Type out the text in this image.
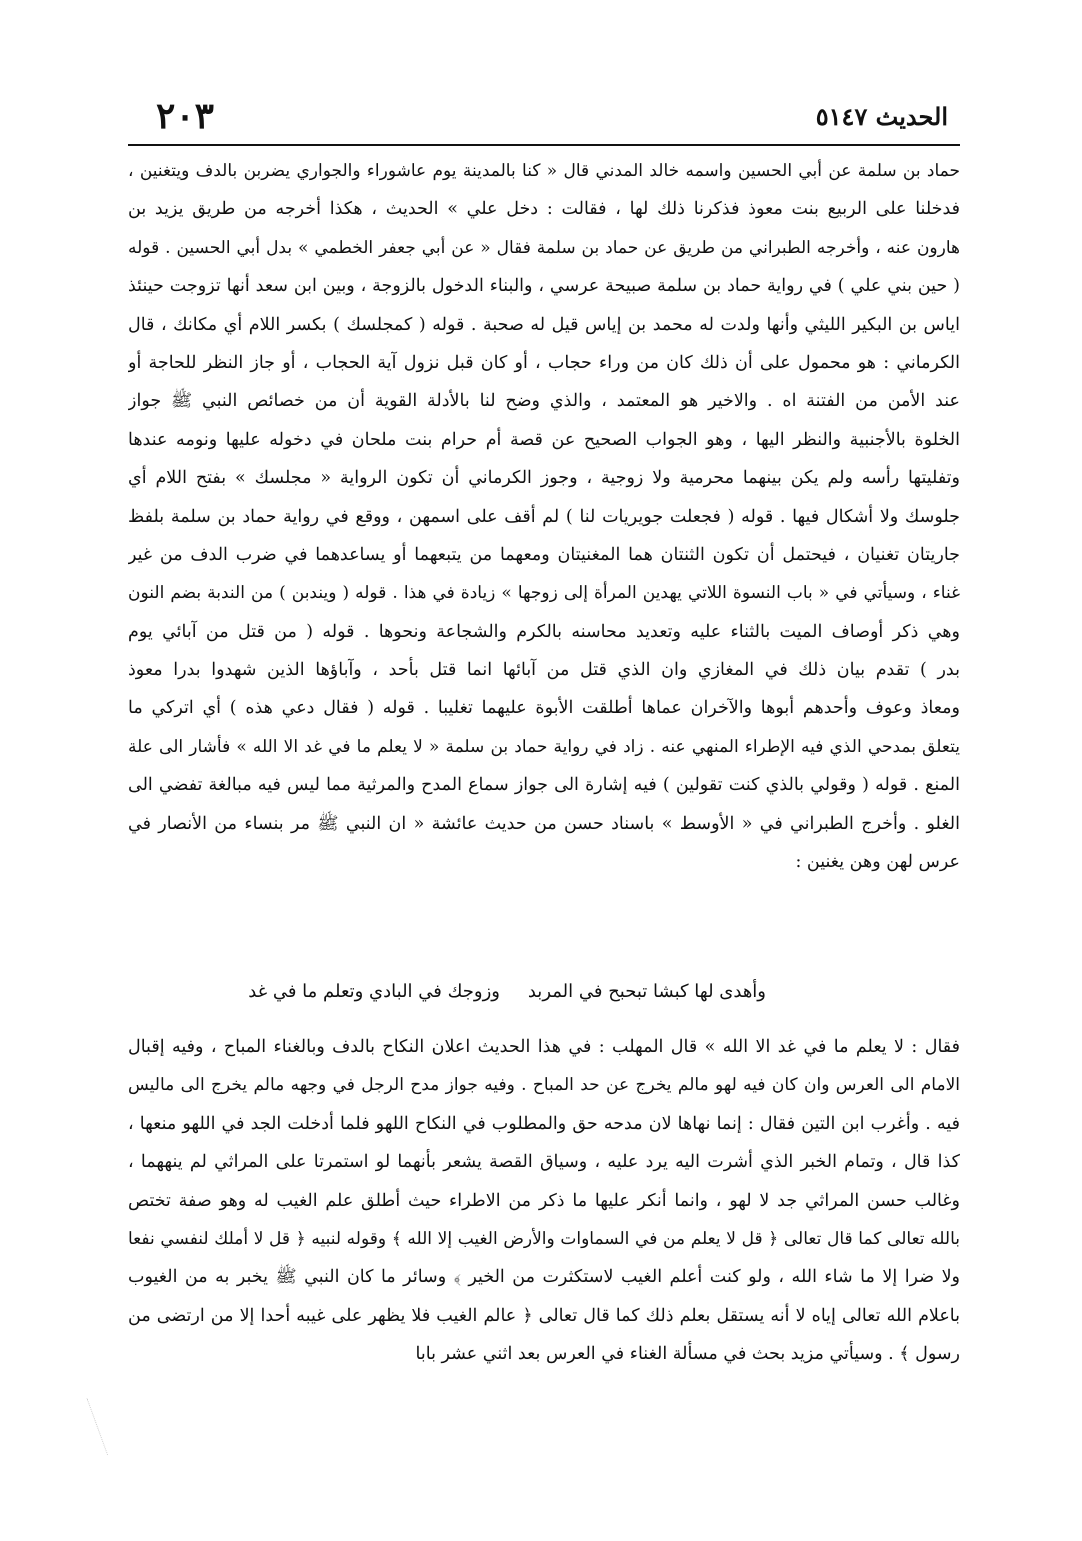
٢٠٣	الحديث ٥١٤٧
حماد بن سلمة عن أبي الحسين واسمه خالد المدني قال « كنا بالمدينة يوم عاشوراء والجواري يضربن بالدف ويتغنين ،
فدخلنا على الربيع بنت معوذ فذكرنا ذلك لها ، فقالت : دخل علي » الحديث ، هكذا أخرجه من طريق يزيد بن
هارون عنه ، وأخرجه الطبراني من طريق عن حماد بن سلمة فقال « عن أبي جعفر الخطمي » بدل أبي الحسين . قوله
( حين بني علي ) في رواية حماد بن سلمة صبيحة عرسي ، والبناء الدخول بالزوجة ، وبين ابن سعد أنها تزوجت حينئذ
اياس بن البكير الليثي وأنها ولدت له محمد بن إياس قيل له صحبة . قوله ( كمجلسك ) بكسر اللام أي مكانك ، قال
الكرماني : هو محمول على أن ذلك كان من وراء حجاب ، أو كان قبل نزول آية الحجاب ، أو جاز النظر للحاجة أو
عند الأمن من الفتنة اه . والاخير هو المعتمد ، والذي وضح لنا بالأدلة القوية أن من خصائص النبي ﷺ جواز
الخلوة بالأجنبية والنظر اليها ، وهو الجواب الصحيح عن قصة أم حرام بنت ملحان في دخوله عليها ونومه عندها
وتفليتها رأسه ولم يكن بينهما محرمية ولا زوجية ، وجوز الكرماني أن تكون الرواية « مجلسك » بفتح اللام أي
جلوسك ولا أشكال فيها . قوله ( فجعلت جويريات لنا ) لم أقف على اسمهن ، ووقع في رواية حماد بن سلمة بلفظ
جاريتان تغنيان ، فيحتمل أن تكون الثنتان هما المغنيتان ومعهما من يتبعهما أو يساعدهما في ضرب الدف من غير
غناء ، وسيأتي في « باب النسوة اللاتي يهدين المرأة إلى زوجها » زيادة في هذا . قوله ( ويندبن ) من الندبة بضم النون
وهي ذكر أوصاف الميت بالثناء عليه وتعديد محاسنه بالكرم والشجاعة ونحوها . قوله ( من قتل من آبائي يوم
بدر ) تقدم بيان ذلك في المغازي وان الذي قتل من آبائها انما قتل بأحد ، وآباؤها الذين شهدوا بدرا معوذ
ومعاذ وعوف وأحدهم أبوها والآخران عماها أطلقت الأبوة عليهما تغليبا . قوله ( فقال دعي هذه ) أي اتركي ما
يتعلق بمدحي الذي فيه الإطراء المنهي عنه . زاد في رواية حماد بن سلمة « لا يعلم ما في غد الا الله » فأشار الى علة
المنع . قوله ( وقولي بالذي كنت تقولين ) فيه إشارة الى جواز سماع المدح والمرثية مما ليس فيه مبالغة تفضي الى
الغلو . وأخرج الطبراني في « الأوسط » باسناد حسن من حديث عائشة « ان النبي ﷺ مر بنساء من الأنصار في
عرس لهن وهن يغنين :
وأهدى لها كبشا تبحبح في المربد
وزوجك في البادي وتعلم ما في غد
فقال : لا يعلم ما في غد الا الله » قال المهلب : في هذا الحديث اعلان النكاح بالدف وبالغناء المباح ، وفيه إقبال
الامام الى العرس وان كان فيه لهو مالم يخرج عن حد المباح . وفيه جواز مدح الرجل في وجهه مالم يخرج الى ماليس
فيه . وأغرب ابن التين فقال : إنما نهاها لان مدحه حق والمطلوب في النكاح اللهو فلما أدخلت الجد في اللهو منعها ،
كذا قال ، وتمام الخبر الذي أشرت اليه يرد عليه ، وسياق القصة يشعر بأنهما لو استمرتا على المراثي لم ينههما ،
وغالب حسن المراثي جد لا لهو ، وانما أنكر عليها ما ذكر من الاطراء حيث أطلق علم الغيب له وهو صفة تختص
بالله تعالى كما قال تعالى ﴿ قل لا يعلم من في السماوات والأرض الغيب إلا الله ﴾ وقوله لنبيه ﴿ قل لا أملك لنفسي نفعا
ولا ضرا إلا ما شاء الله ، ولو كنت أعلم الغيب لاستكثرت من الخير ﴾ وسائر ما كان النبي ﷺ يخبر به من الغيوب
باعلام الله تعالى إياه لا أنه يستقل بعلم ذلك كما قال تعالى ﴿ عالم الغيب فلا يظهر على غيبه أحدا إلا من ارتضى من
رسول ﴾ . وسيأتي مزيد بحث في مسألة الغناء في العرس بعد اثني عشر بابا
